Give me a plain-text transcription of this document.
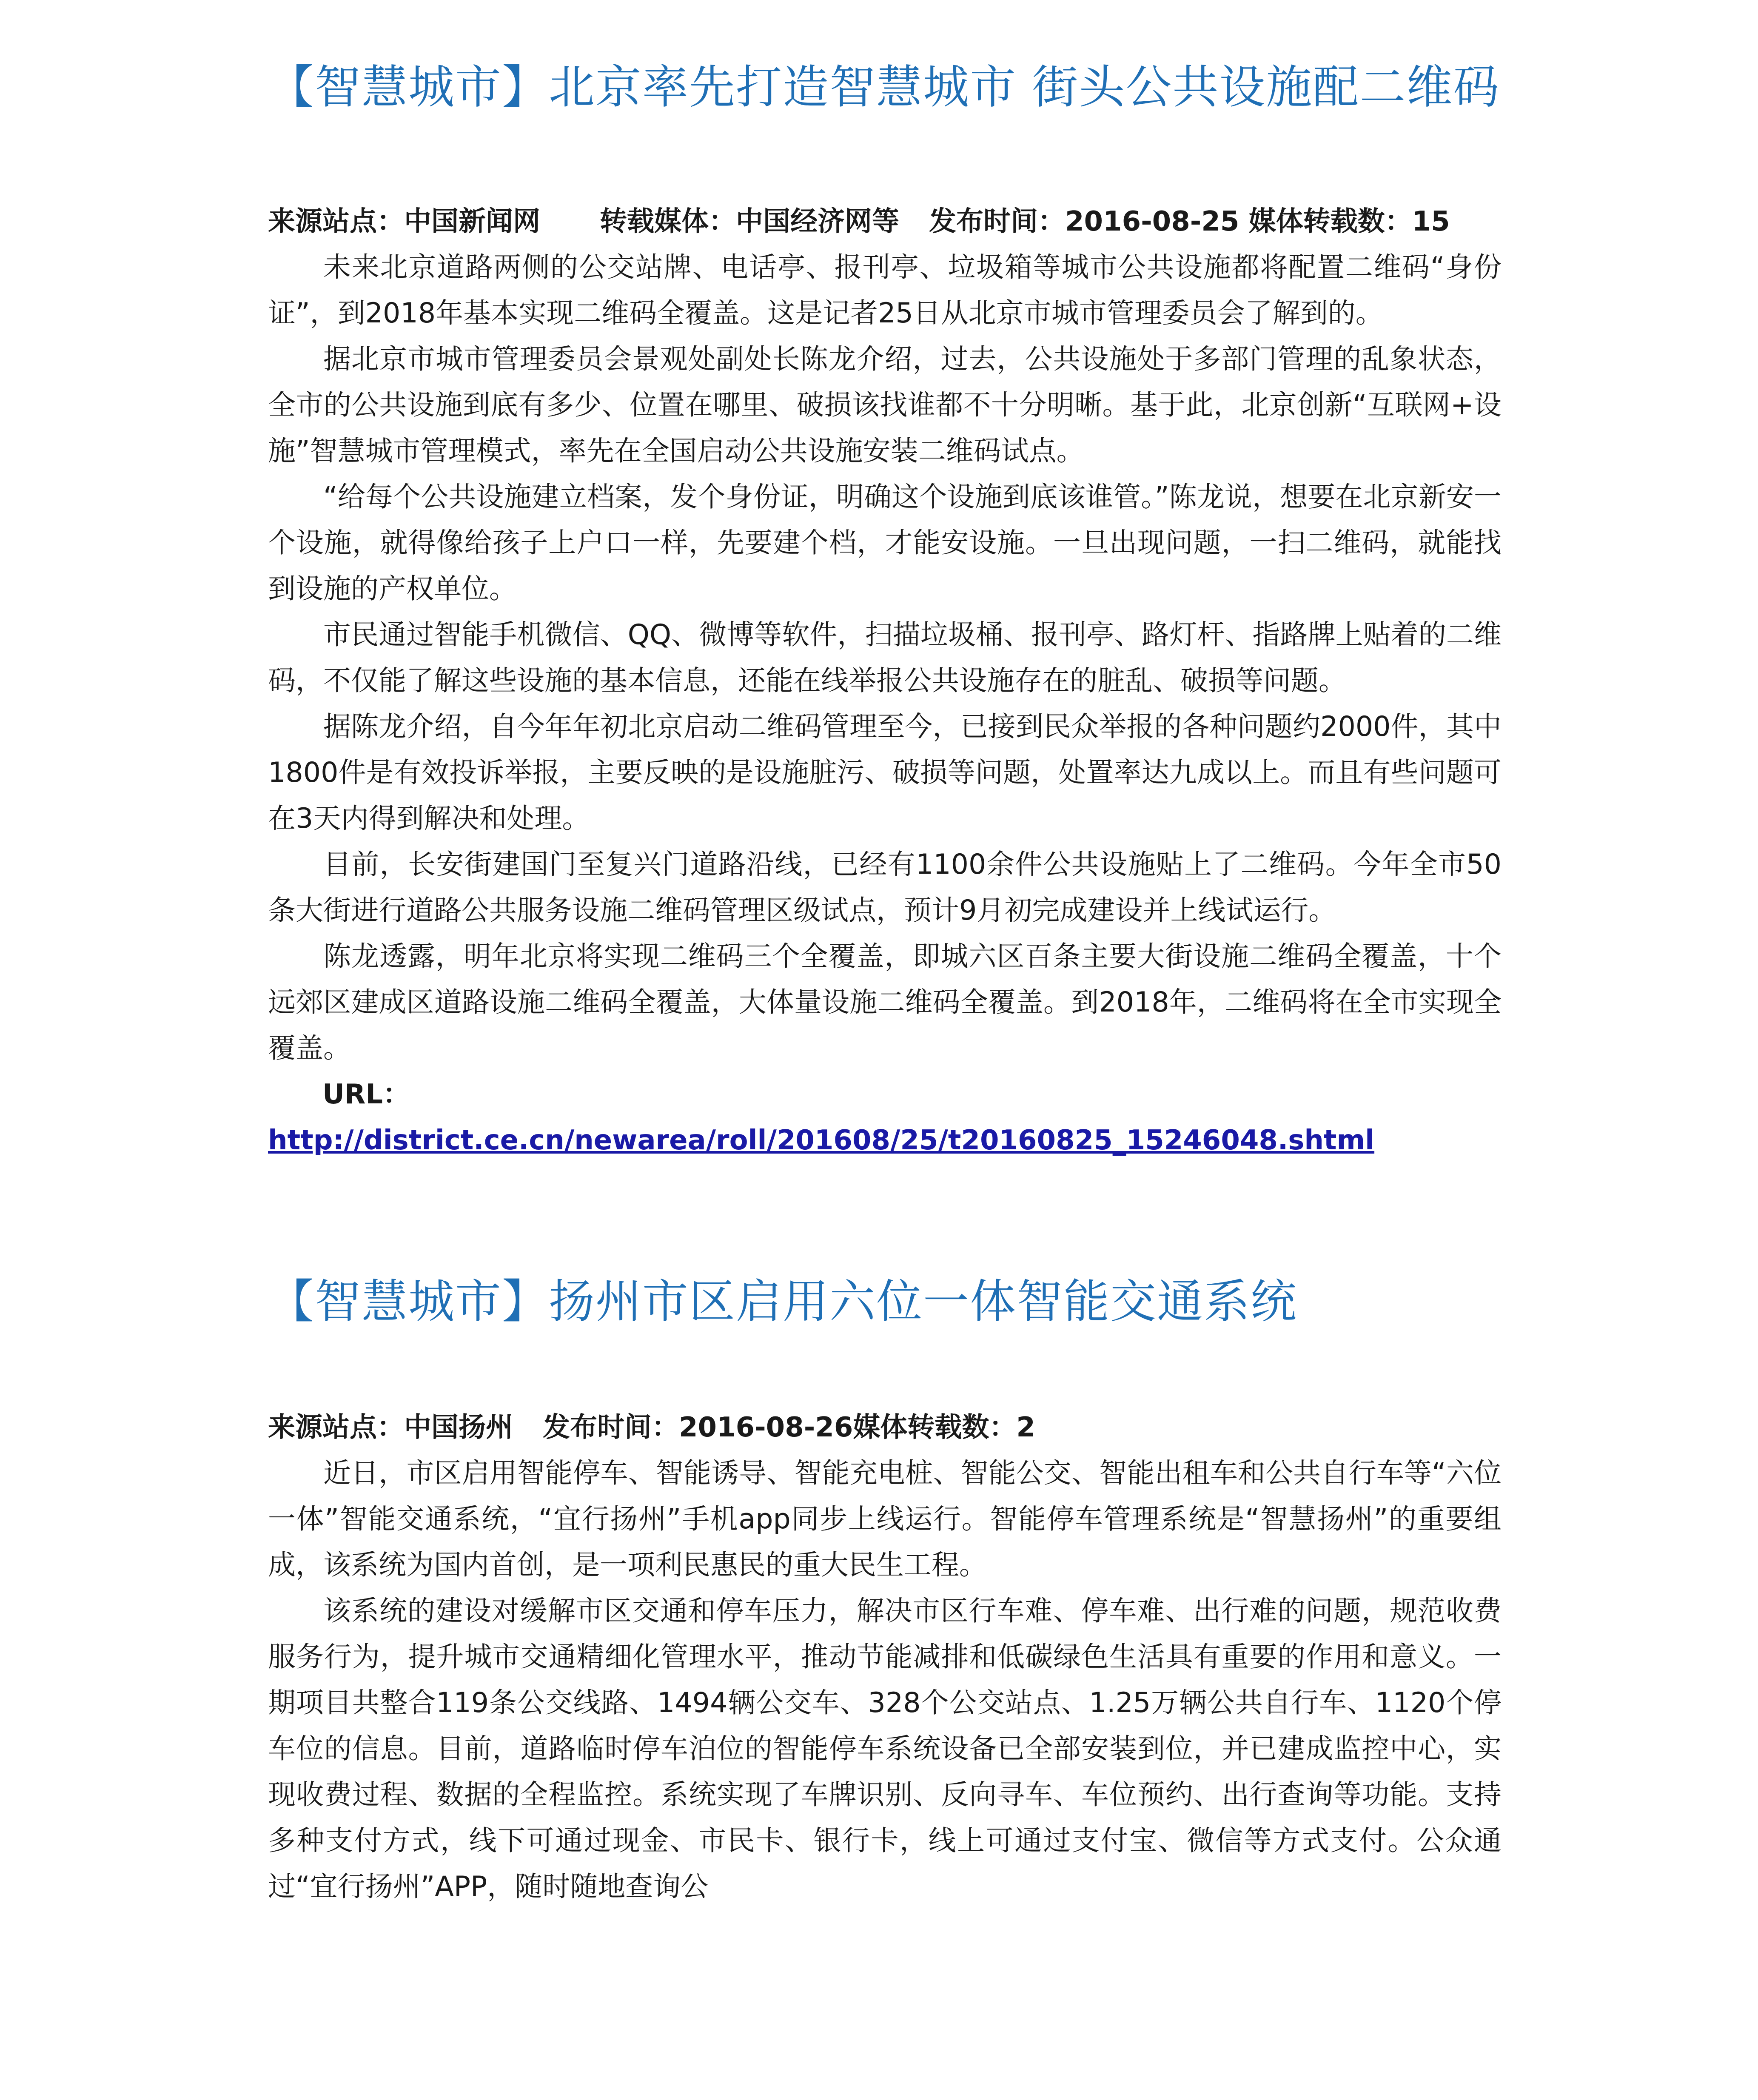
【智慧城市】北京率先打造智慧城市 街头公共设施配二维码

来源站点：中国新闻网 转载媒体：中国经济网等 发布时间：2016-08-25 媒体转载数：15

未来北京道路两侧的公交站牌、电话亭、报刊亭、垃圾箱等城市公共设施都将配置二维码“身份证”，到2018年基本实现二维码全覆盖。这是记者25日从北京市城市管理委员会了解到的。

据北京市城市管理委员会景观处副处长陈龙介绍，过去，公共设施处于多部门管理的乱象状态，全市的公共设施到底有多少、位置在哪里、破损该找谁都不十分明晰。基于此，北京创新“互联网+设施”智慧城市管理模式，率先在全国启动公共设施安装二维码试点。

“给每个公共设施建立档案，发个身份证，明确这个设施到底该谁管。”陈龙说，想要在北京新安一个设施，就得像给孩子上户口一样，先要建个档，才能安设施。一旦出现问题，一扫二维码，就能找到设施的产权单位。

市民通过智能手机微信、QQ、微博等软件，扫描垃圾桶、报刊亭、路灯杆、指路牌上贴着的二维码，不仅能了解这些设施的基本信息，还能在线举报公共设施存在的脏乱、破损等问题。

据陈龙介绍，自今年年初北京启动二维码管理至今，已接到民众举报的各种问题约2000件，其中1800件是有效投诉举报，主要反映的是设施脏污、破损等问题，处置率达九成以上。而且有些问题可在3天内得到解决和处理。

目前，长安街建国门至复兴门道路沿线，已经有1100余件公共设施贴上了二维码。今年全市50条大街进行道路公共服务设施二维码管理区级试点，预计9月初完成建设并上线试运行。

陈龙透露，明年北京将实现二维码三个全覆盖，即城六区百条主要大街设施二维码全覆盖，十个远郊区建成区道路设施二维码全覆盖，大体量设施二维码全覆盖。到2018年，二维码将在全市实现全覆盖。

URL：http://district.ce.cn/newarea/roll/201608/25/t20160825_15246048.shtml

【智慧城市】扬州市区启用六位一体智能交通系统

来源站点：中国扬州 发布时间：2016-08-26媒体转载数：2

近日，市区启用智能停车、智能诱导、智能充电桩、智能公交、智能出租车和公共自行车等“六位一体”智能交通系统，“宜行扬州”手机app同步上线运行。智能停车管理系统是“智慧扬州”的重要组成，该系统为国内首创，是一项利民惠民的重大民生工程。

该系统的建设对缓解市区交通和停车压力，解决市区行车难、停车难、出行难的问题，规范收费服务行为，提升城市交通精细化管理水平，推动节能减排和低碳绿色生活具有重要的作用和意义。一期项目共整合119条公交线路、1494辆公交车、328个公交站点、1.25万辆公共自行车、1120个停车位的信息。目前，道路临时停车泊位的智能停车系统设备已全部安装到位，并已建成监控中心，实现收费过程、数据的全程监控。系统实现了车牌识别、反向寻车、车位预约、出行查询等功能。支持多种支付方式，线下可通过现金、市民卡、银行卡，线上可通过支付宝、微信等方式支付。公众通过“宜行扬州”APP，随时随地查询公
